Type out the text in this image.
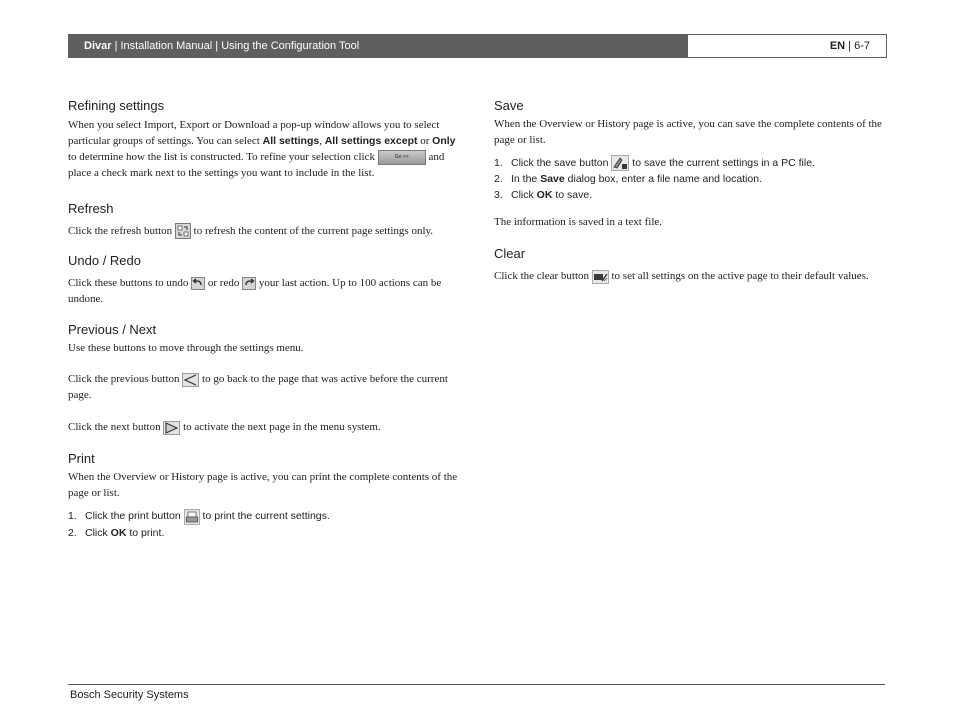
Divar | Installation Manual | Using the Configuration Tool	EN | 6-7
Refining settings

When you select Import, Export or Download a pop-up window allows you to select particular groups of settings. You can select All settings, All settings except or Only to determine how the list is constructed. To refine your selection click	Go >> and place a check mark next to the settings you want to include in the list.

Refresh

Click the refresh button
to refresh the content of the current page settings only.

Undo / Redo

Click these buttons to undo
or redo
your last action. Up to 100 actions can be undone.

Previous / Next

Use these buttons to move through the settings menu.

Click the previous button
to go back to the page that was active before the current page.

Click the next button
to activate the next page in the menu system.

Print

When the Overview or History page is active, you can print the complete contents of the page or list.

1. Click the print button
to print the current settings.
2. Click OK to print.
Save

When the Overview or History page is active, you can save the complete contents of the page or list.

1. Click the save button
to save the current settings in a PC file.
2. In the Save dialog box, enter a file name and location.
3. Click OK to save.

The information is saved in a text file.

Clear

Click the clear button
to set all settings on the active page to their default values.

Bosch Security Systems
